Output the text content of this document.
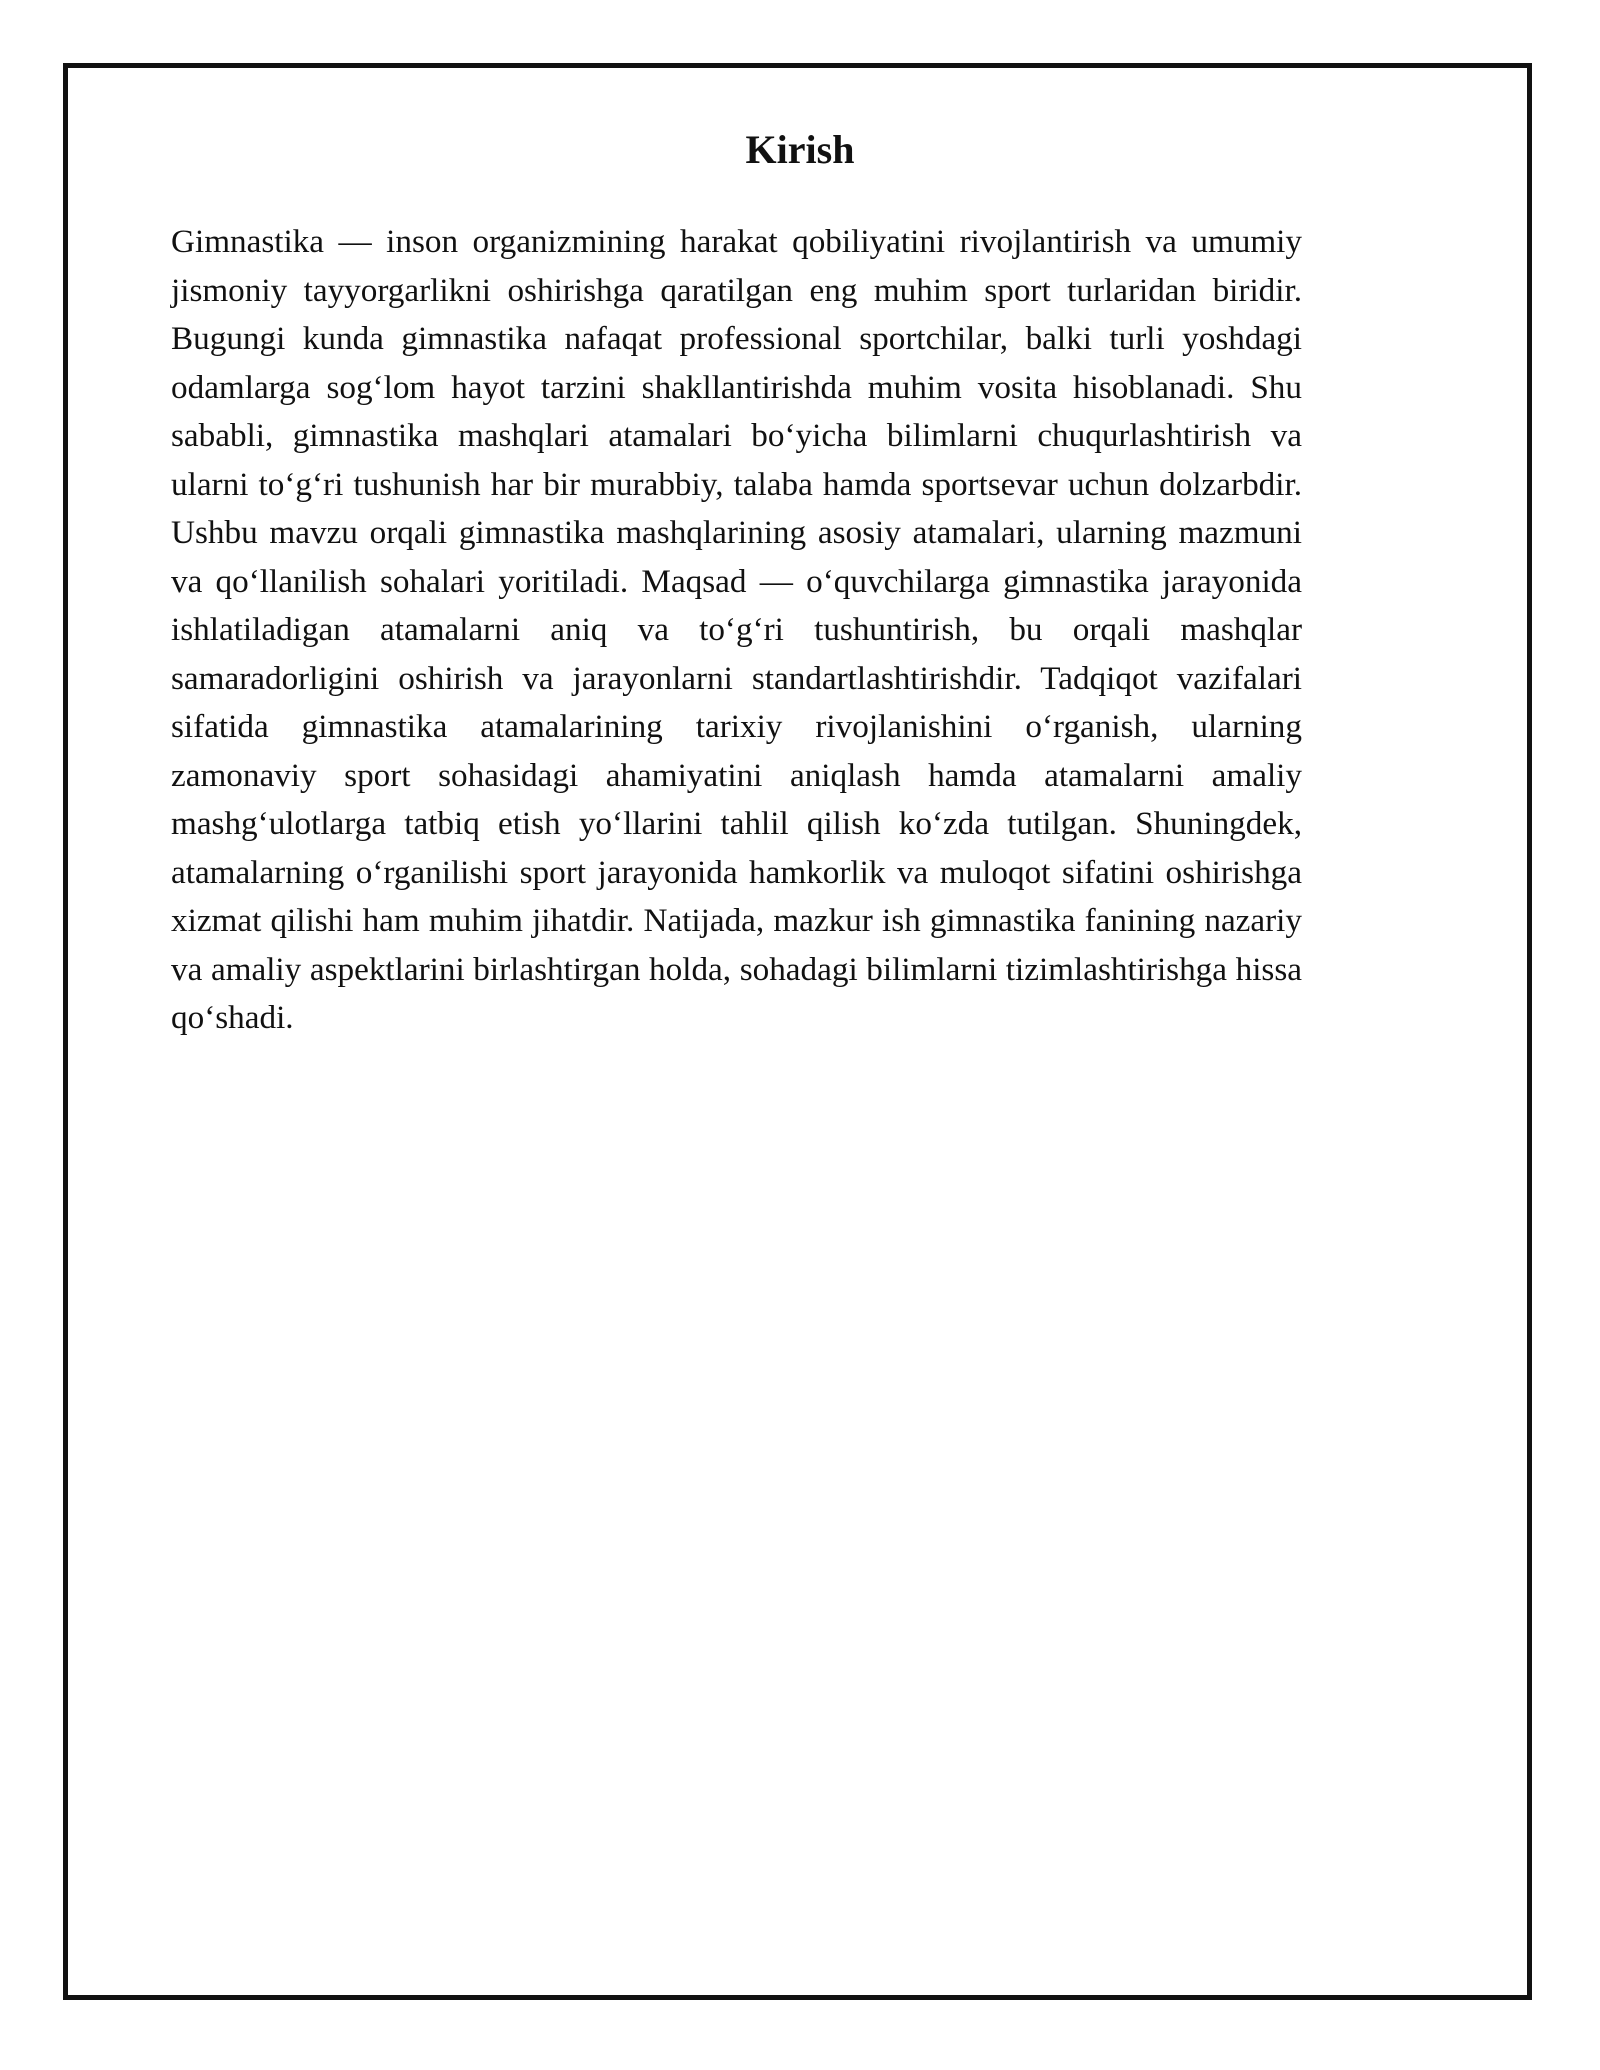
Kirish

Gimnastika — inson organizmining harakat qobiliyatini rivojlantirish va umumiy jismoniy tayyorgarlikni oshirishga qaratilgan eng muhim sport turlaridan biridir. Bugungi kunda gimnastika nafaqat professional sportchilar, balki turli yoshdagi odamlarga sogʻlom hayot tarzini shakllantirishda muhim vosita hisoblanadi. Shu sababli, gimnastika mashqlari atamalari boʻyicha bilimlarni chuqurlashtirish va ularni toʻgʻri tushunish har bir murabbiy, talaba hamda sportsevar uchun dolzarbdir. Ushbu mavzu orqali gimnastika mashqlarining asosiy atamalari, ularning mazmuni va qoʻllanilish sohalari yoritiladi. Maqsad — oʻquvchilarga gimnastika jarayonida ishlatiladigan atamalarni aniq va toʻgʻri tushuntirish, bu orqali mashqlar samaradorligini oshirish va jarayonlarni standartlashtirishdir. Tadqiqot vazifalari sifatida gimnastika atamalarining tarixiy rivojlanishini oʻrganish, ularning zamonaviy sport sohasidagi ahamiyatini aniqlash hamda atamalarni amaliy mashgʻulotlarga tatbiq etish yoʻllarini tahlil qilish koʻzda tutilgan. Shuningdek, atamalarning oʻrganilishi sport jarayonida hamkorlik va muloqot sifatini oshirishga xizmat qilishi ham muhim jihatdir. Natijada, mazkur ish gimnastika fanining nazariy va amaliy aspektlarini birlashtirgan holda, sohadagi bilimlarni tizimlashtirishga hissa qoʻshadi.
